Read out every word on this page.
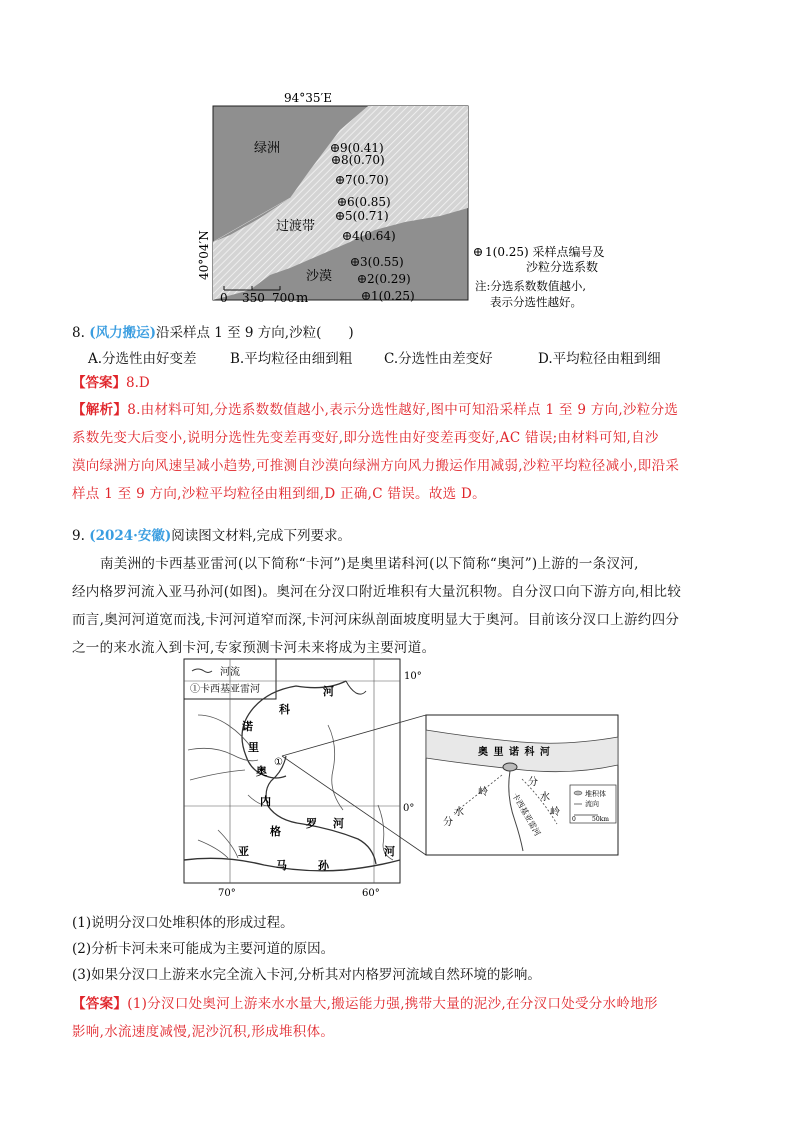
94°35′E
40°04′N
绿洲
过渡带
沙漠
9(0.41)
8(0.70)
7(0.70)
6(0.85)
5(0.71)
4(0.64)
3(0.55)
2(0.29)
1(0.25)
0 350 700 m
1(0.25) 采样点编号及
沙粒分选系数
注:分选系数数值越小,
表示分选性越好。
8. (风力搬运)沿采样点 1 至 9 方向,沙粒(　　)
A.分选性由好变差 B.平均粒径由细到粗 C.分选性由差变好	D.平均粒径由粗到细
【答案】8.D
【解析】8.由材料可知,分选系数数值越小,表示分选性越好,图中可知沿采样点 1 至 9 方向,沙粒分选
系数先变大后变小,说明分选性先变差再变好,即分选性由好变差再变好,AC 错误;由材料可知,自沙
漠向绿洲方向风速呈减小趋势,可推测自沙漠向绿洲方向风力搬运作用减弱,沙粒平均粒径减小,即沿采
样点 1 至 9 方向,沙粒平均粒径由粗到细,D 正确,C 错误。故选 D。
9. (2024·安徽)阅读图文材料,完成下列要求。
南美洲的卡西基亚雷河(以下简称“卡河”)是奥里诺科河(以下简称“奥河”)上游的一条汊河,
经内格罗河流入亚马孙河(如图)。奥河在分汊口附近堆积有大量沉积物。自分汊口向下游方向,相比较
而言,奥河河道宽而浅,卡河河道窄而深,卡河河床纵剖面坡度明显大于奥河。目前该分汊口上游约四分
之一的来水流入到卡河,专家预测卡河未来将成为主要河道。
河流
①卡西基亚雷河
10°
0°
70°	60°
科
河
诺
里
奥
①
内
格
罗 河
亚
马	孙
河
奥 里 诺 科 河
分
水
岭
分
水
岭
卡西基亚雷河	堆积体
流向
0	50km
(1)说明分汊口处堆积体的形成过程。
(2)分析卡河未来可能成为主要河道的原因。
(3)如果分汊口上游来水完全流入卡河,分析其对内格罗河流域自然环境的影响。
【答案】(1)分汊口处奥河上游来水水量大,搬运能力强,携带大量的泥沙,在分汊口处受分水岭地形
影响,水流速度减慢,泥沙沉积,形成堆积体。
